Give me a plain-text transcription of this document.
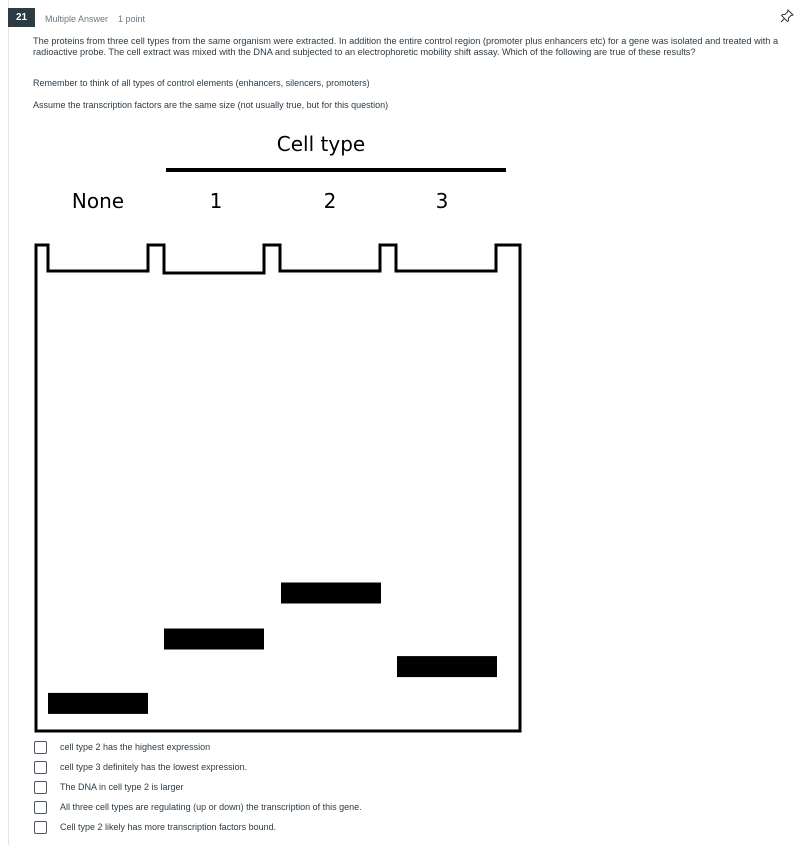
21	Multiple Answer 1 point
The proteins from three cell types from the same organism were extracted. In addition the entire control region (promoter plus enhancers etc) for a gene was isolated and treated with a radioactive probe. The cell extract was mixed with the DNA and subjected to an electrophoretic mobility shift assay. Which of the following are true of these results?
Remember to think of all types of control elements (enhancers, silencers, promoters)
Assume the transcription factors are the same size (not usually true, but for this question)
Cell type
None	1	2	3
cell type 2 has the highest expression
cell type 3 definitely has the lowest expression.
The DNA in cell type 2 is larger
All three cell types are regulating (up or down) the transcription of this gene.
Cell type 2 likely has more transcription factors bound.
